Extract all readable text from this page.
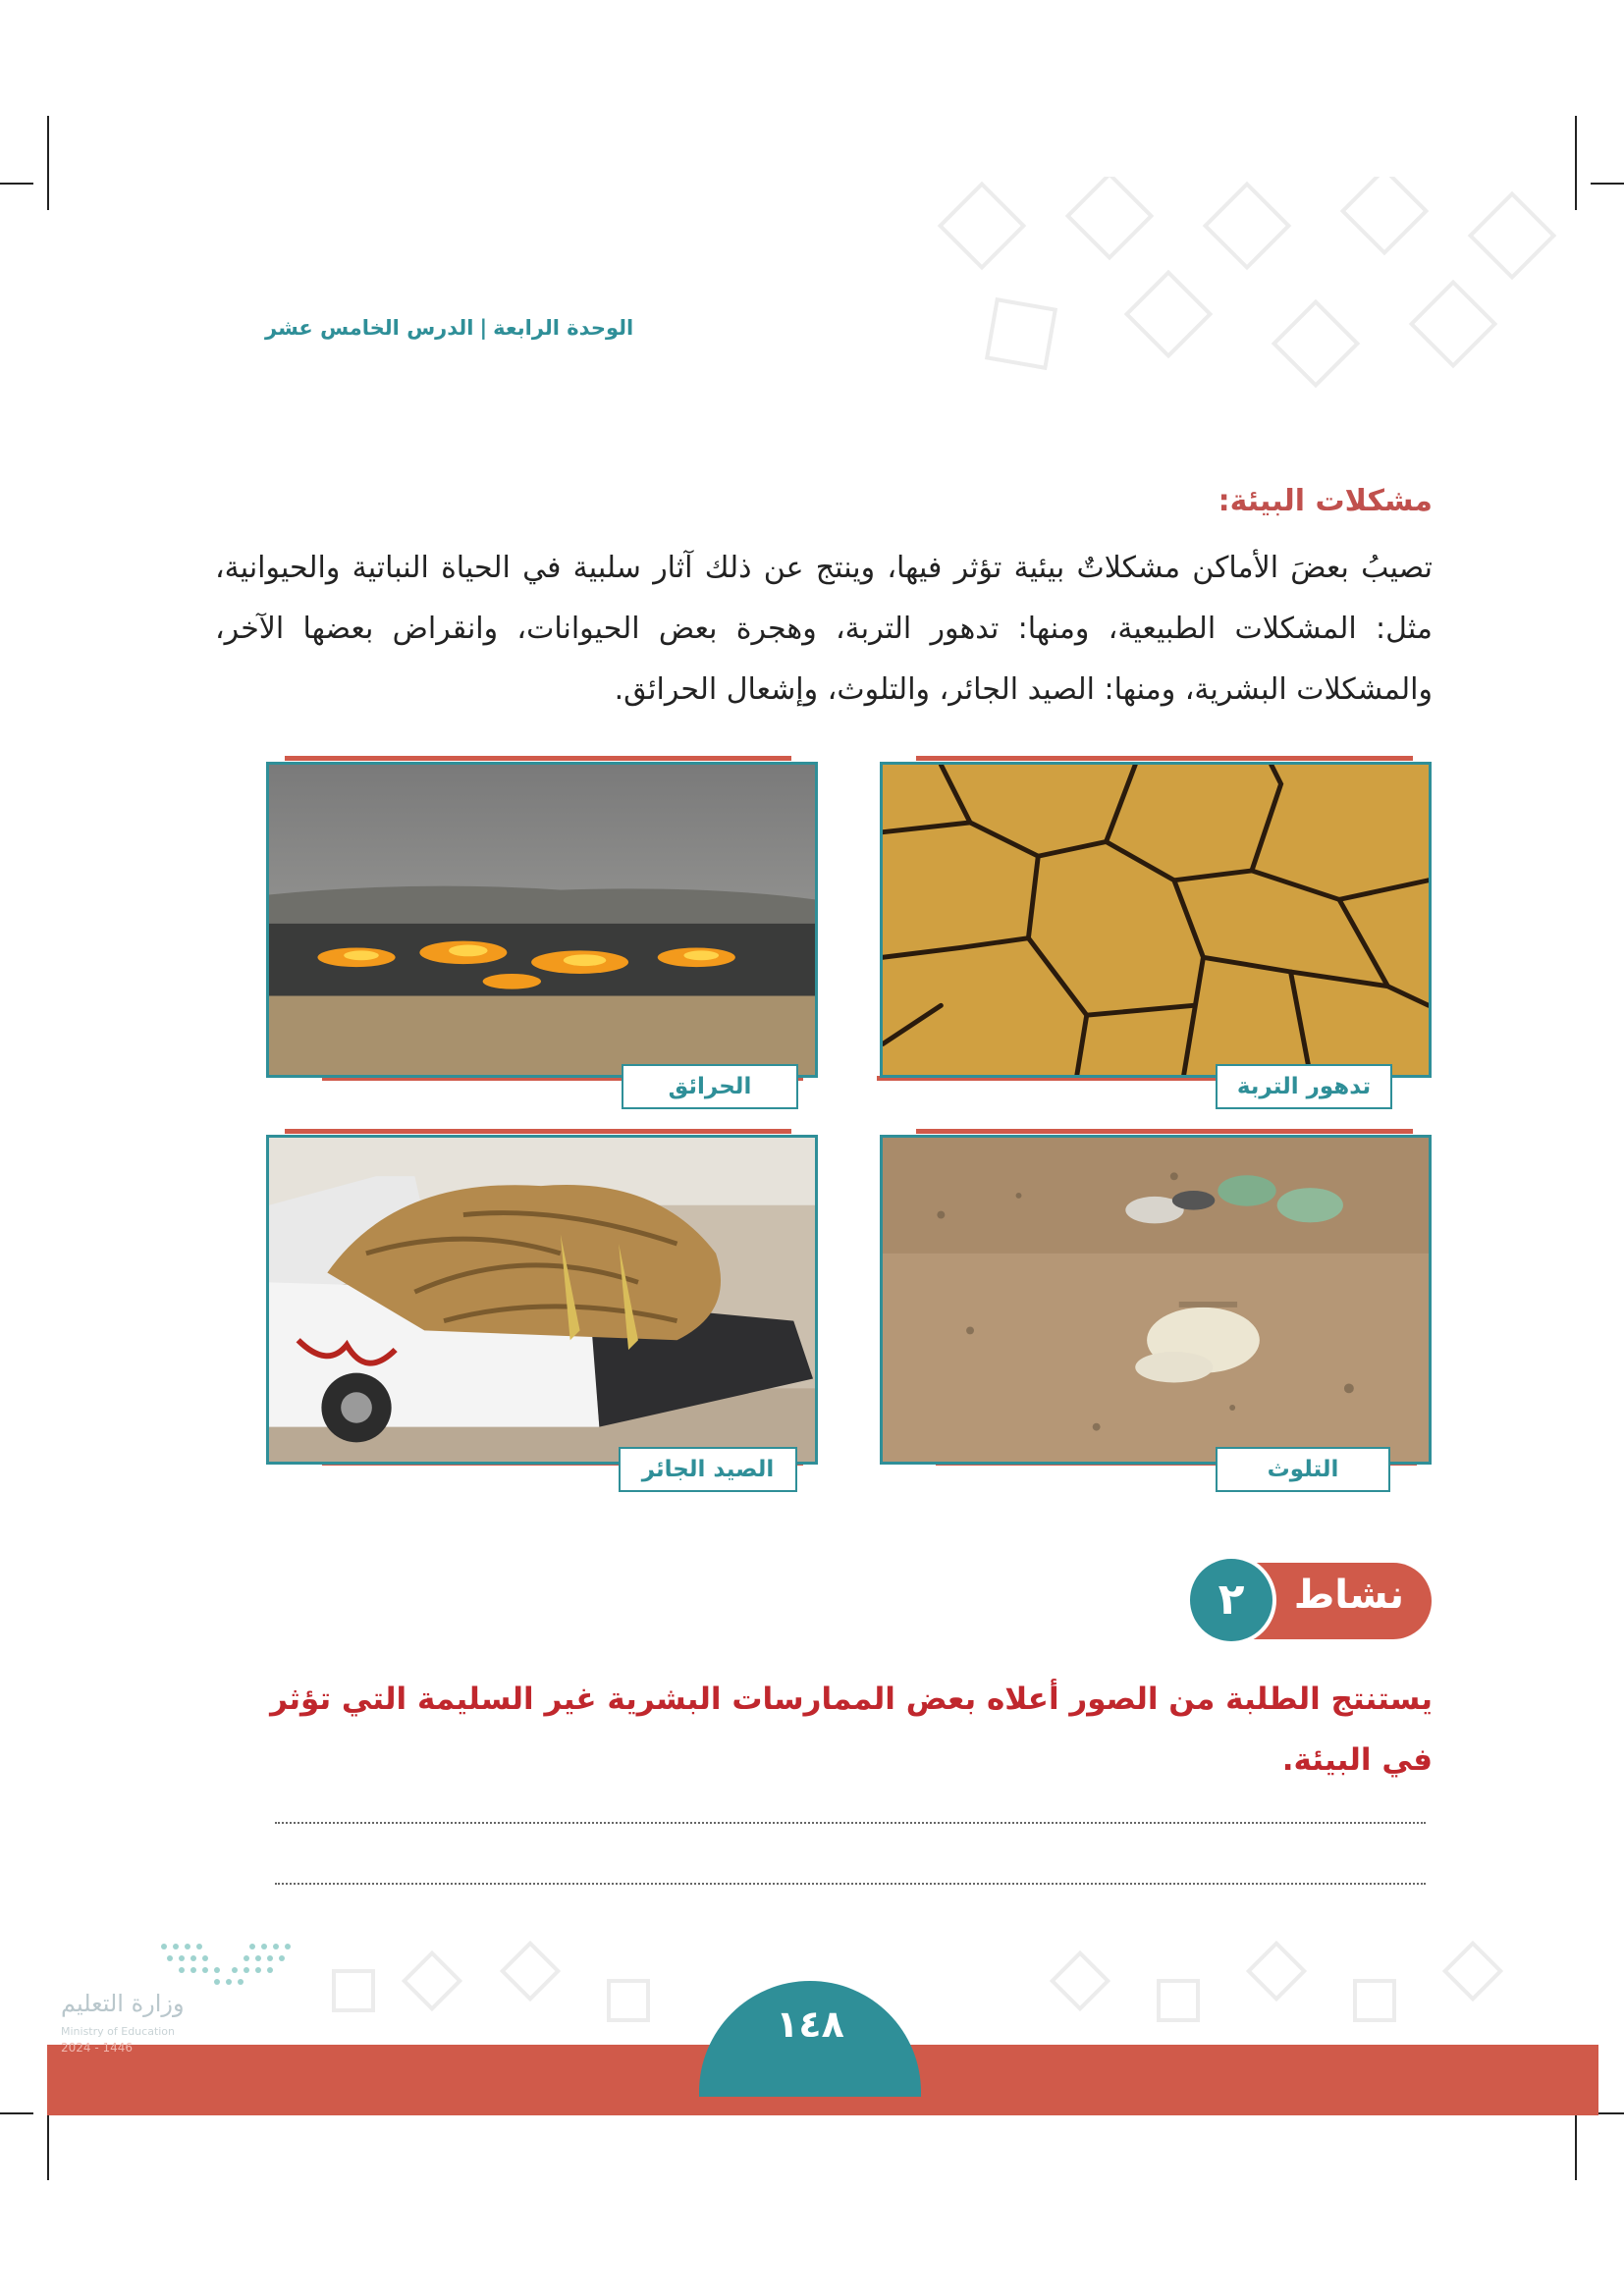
الوحدة الرابعة|الدرس الخامس عشر
مشكلات البيئة:

تصيبُ بعضَ الأماكن مشكلاتٌ بيئية تؤثر فيها، وينتج عن ذلك آثار سلبية في الحياة النباتية والحيوانية، مثل: المشكلات الطبيعية، ومنها: تدهور التربة، وهجرة بعض الحيوانات، وانقراض بعضها الآخر، والمشكلات البشرية، ومنها: الصيد الجائر، والتلوث، وإشعال الحرائق.

تدهور التربة
الحرائق
التلوث
الصيد الجائر
نشاط
٢

يستنتج الطلبة من الصور أعلاه بعض الممارسات البشرية غير السليمة التي تؤثر في البيئة.

١٤٨
وزارة التعليم
Ministry of Education
2024 - 1446
